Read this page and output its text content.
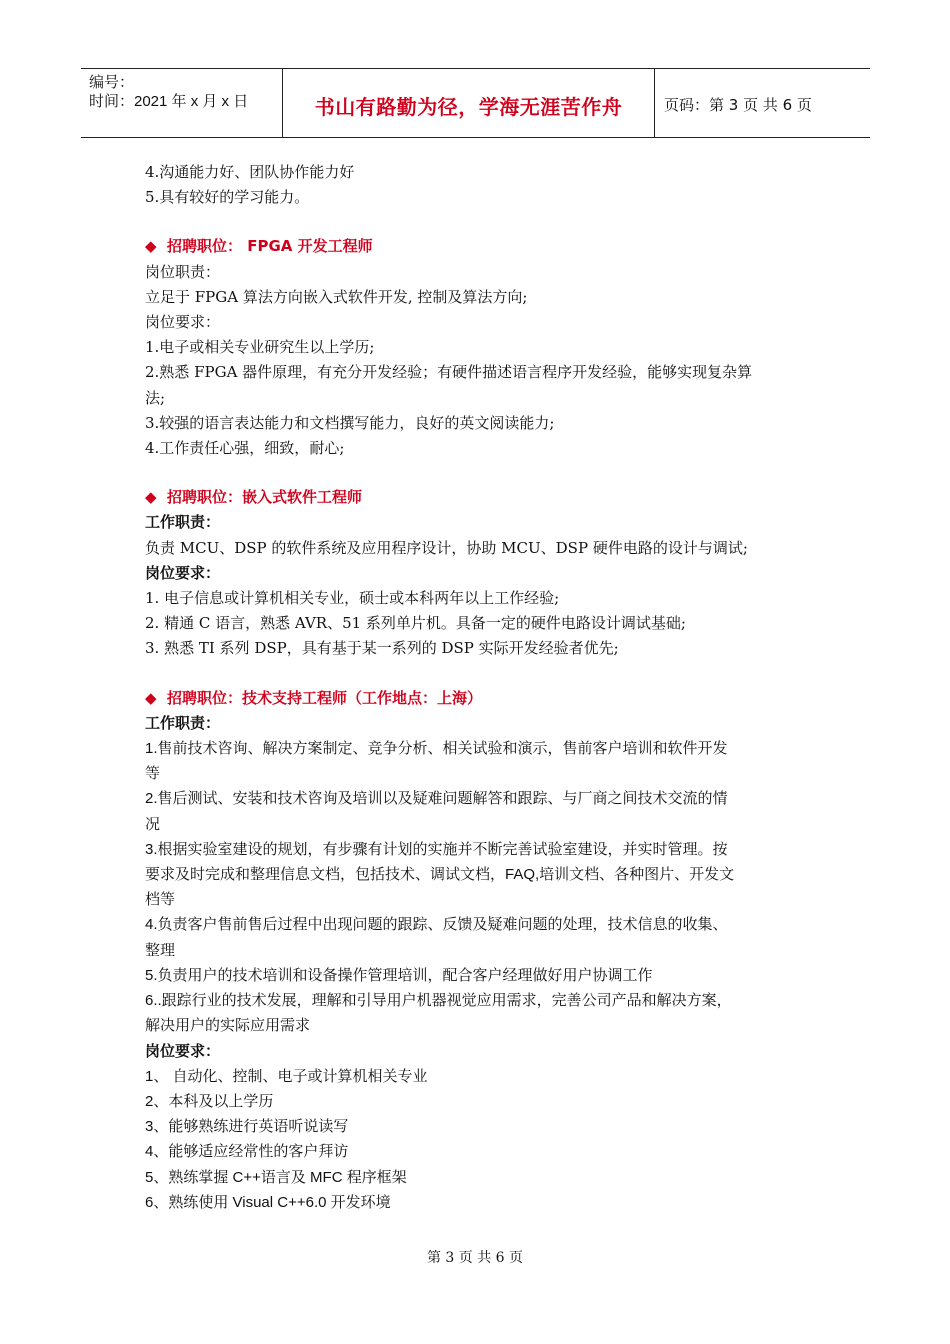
编号：
时间：2021 年 x 月 x 日	书山有路勤为径，学海无涯苦作舟	页码：第 3 页 共 6 页
4.沟通能力好、团队协作能力好
5.具有较好的学习能力。
◆ 招聘职位： FPGA 开发工程师
岗位职责：
立足于 FPGA 算法方向嵌入式软件开发, 控制及算法方向;
岗位要求：
1.电子或相关专业研究生以上学历;
2.熟悉 FPGA 器件原理，有充分开发经验；有硬件描述语言程序开发经验，能够实现复杂算
法;
3.较强的语言表达能力和文档撰写能力，良好的英文阅读能力;
4.工作责任心强，细致，耐心;
◆ 招聘职位：嵌入式软件工程师
工作职责：
负责 MCU、DSP 的软件系统及应用程序设计，协助 MCU、DSP 硬件电路的设计与调试;
岗位要求：
1. 电子信息或计算机相关专业，硕士或本科两年以上工作经验;
2. 精通 C 语言，熟悉 AVR、51 系列单片机。具备一定的硬件电路设计调试基础;
3. 熟悉 TI 系列 DSP，具有基于某一系列的 DSP 实际开发经验者优先;
◆ 招聘职位：技术支持工程师（工作地点：上海）
工作职责：
1.售前技术咨询、解决方案制定、竞争分析、相关试验和演示，售前客户培训和软件开发
等
2.售后测试、安装和技术咨询及培训以及疑难问题解答和跟踪、与厂商之间技术交流的情
况
3.根据实验室建设的规划，有步骤有计划的实施并不断完善试验室建设，并实时管理。按
要求及时完成和整理信息文档，包括技术、调试文档，FAQ,培训文档、各种图片、开发文
档等
4.负责客户售前售后过程中出现问题的跟踪、反馈及疑难问题的处理，技术信息的收集、
整理
5.负责用户的技术培训和设备操作管理培训，配合客户经理做好用户协调工作
6..跟踪行业的技术发展，理解和引导用户机器视觉应用需求，完善公司产品和解决方案，
解决用户的实际应用需求
岗位要求：
1、 自动化、控制、电子或计算机相关专业
2、本科及以上学历
3、能够熟练进行英语听说读写
4、能够适应经常性的客户拜访
5、熟练掌握 C++语言及 MFC 程序框架
6、熟练使用 Visual C++6.0 开发环境
第 3 页 共 6 页
